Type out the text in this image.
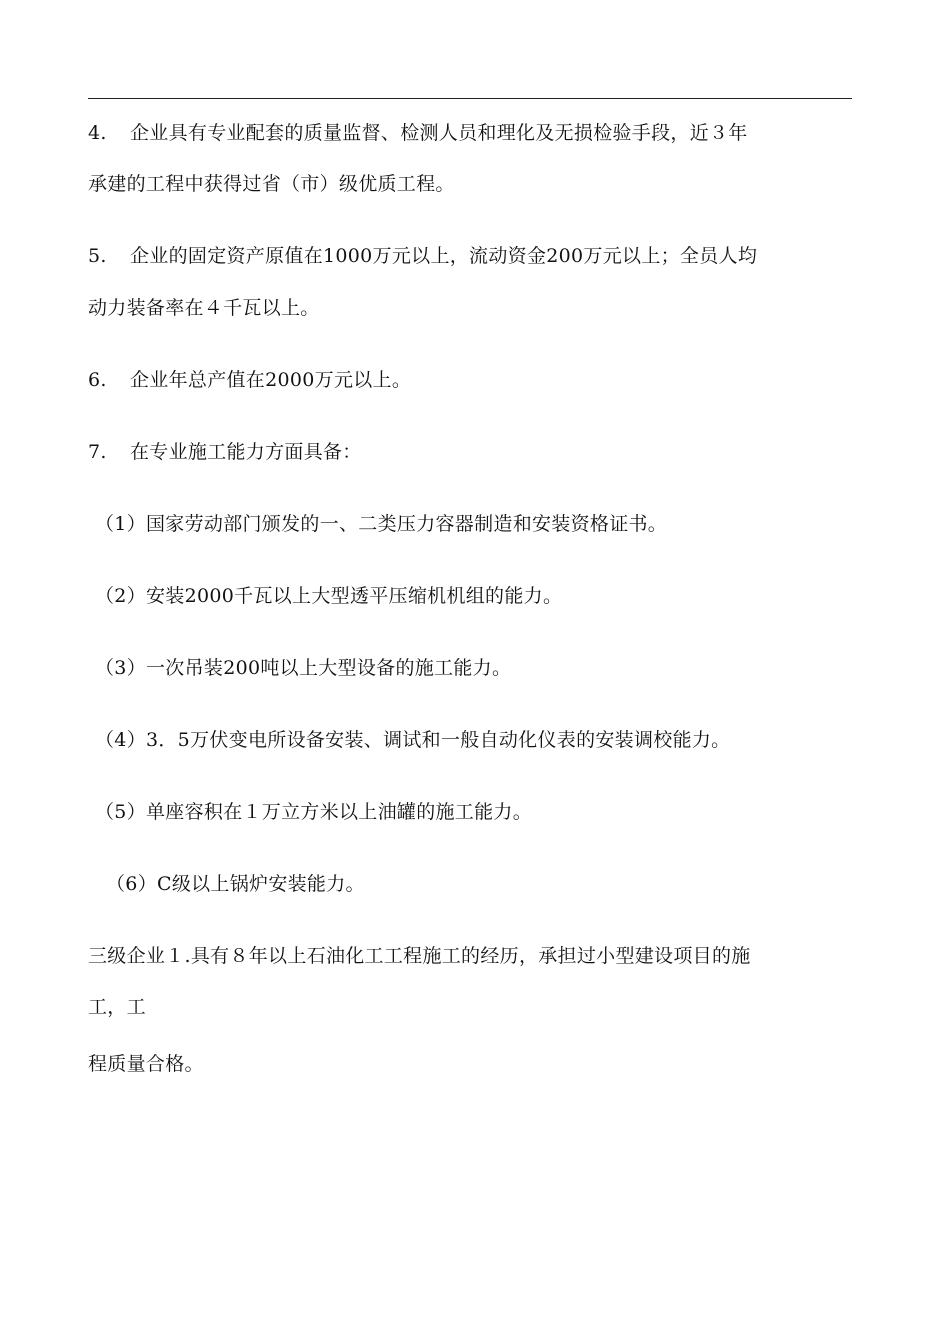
4. 企业具有专业配套的质量监督、检测人员和理化及无损检验手段，近３年
承建的工程中获得过省（市）级优质工程。
5. 企业的固定资产原值在1000万元以上，流动资金200万元以上；全员人均
动力装备率在４千瓦以上。
6. 企业年总产值在2000万元以上。
7. 在专业施工能力方面具备：
（1）国家劳动部门颁发的一、二类压力容器制造和安装资格证书。
（2）安装2000千瓦以上大型透平压缩机机组的能力。
（3）一次吊装200吨以上大型设备的施工能力。
（4）3．5万伏变电所设备安装、调试和一般自动化仪表的安装调校能力。
（5）单座容积在１万立方米以上油罐的施工能力。
（6）C级以上锅炉安装能力。
三级企业１.具有８年以上石油化工工程施工的经历，承担过小型建设项目的施
工，工
程质量合格。
